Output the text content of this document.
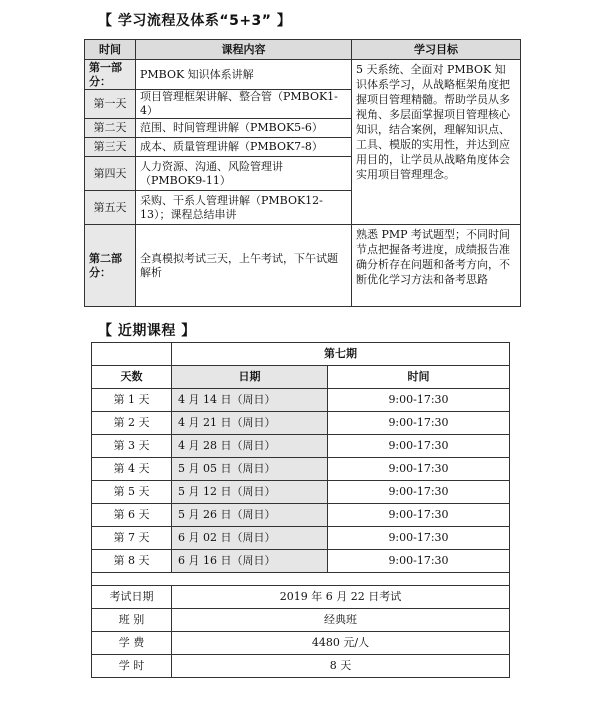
【 学习流程及体系“5+3” 】
时间	课程内容	学习目标
第一部分：	PMBOK 知识体系讲解	5 天系统、全面对 PMBOK 知识体系学习，从战略框架角度把握项目管理精髓。帮助学员从多视角、多层面掌握项目管理核心知识，结合案例，理解知识点、工具、模版的实用性，并达到应用目的，让学员从战略角度体会实用项目管理理念。
第一天	项目管理框架讲解、整合管（PMBOK1-4）	
第二天	范围、时间管理讲解（PMBOK5-6）	
第三天	成本、质量管理讲解（PMBOK7-8）	
第四天	人力资源、沟通、风险管理讲（PMBOK9-11）	
第五天	采购、干系人管理讲解（PMBOK12-13）；课程总结串讲	
第二部分：	全真模拟考试三天，上午考试，下午试题解析	熟悉 PMP 考试题型；不同时间节点把握备考进度，成绩报告准确分析存在问题和备考方向，不断优化学习方法和备考思路
【 近期课程 】
	第七期	
天数	日期	时间
第 1 天	4 月 14 日（周日）	9:00-17:30
第 2 天	4 月 21 日（周日）	9:00-17:30
第 3 天	4 月 28 日（周日）	9:00-17:30
第 4 天	5 月 05 日（周日）	9:00-17:30
第 5 天	5 月 12 日（周日）	9:00-17:30
第 6 天	5 月 26 日（周日）	9:00-17:30
第 7 天	6 月 02 日（周日）	9:00-17:30
第 8 天	6 月 16 日（周日）	9:00-17:30

考试日期	2019 年 6 月 22 日考试	
班 别	经典班	
学 费	4480 元/人	
学 时	8 天	
